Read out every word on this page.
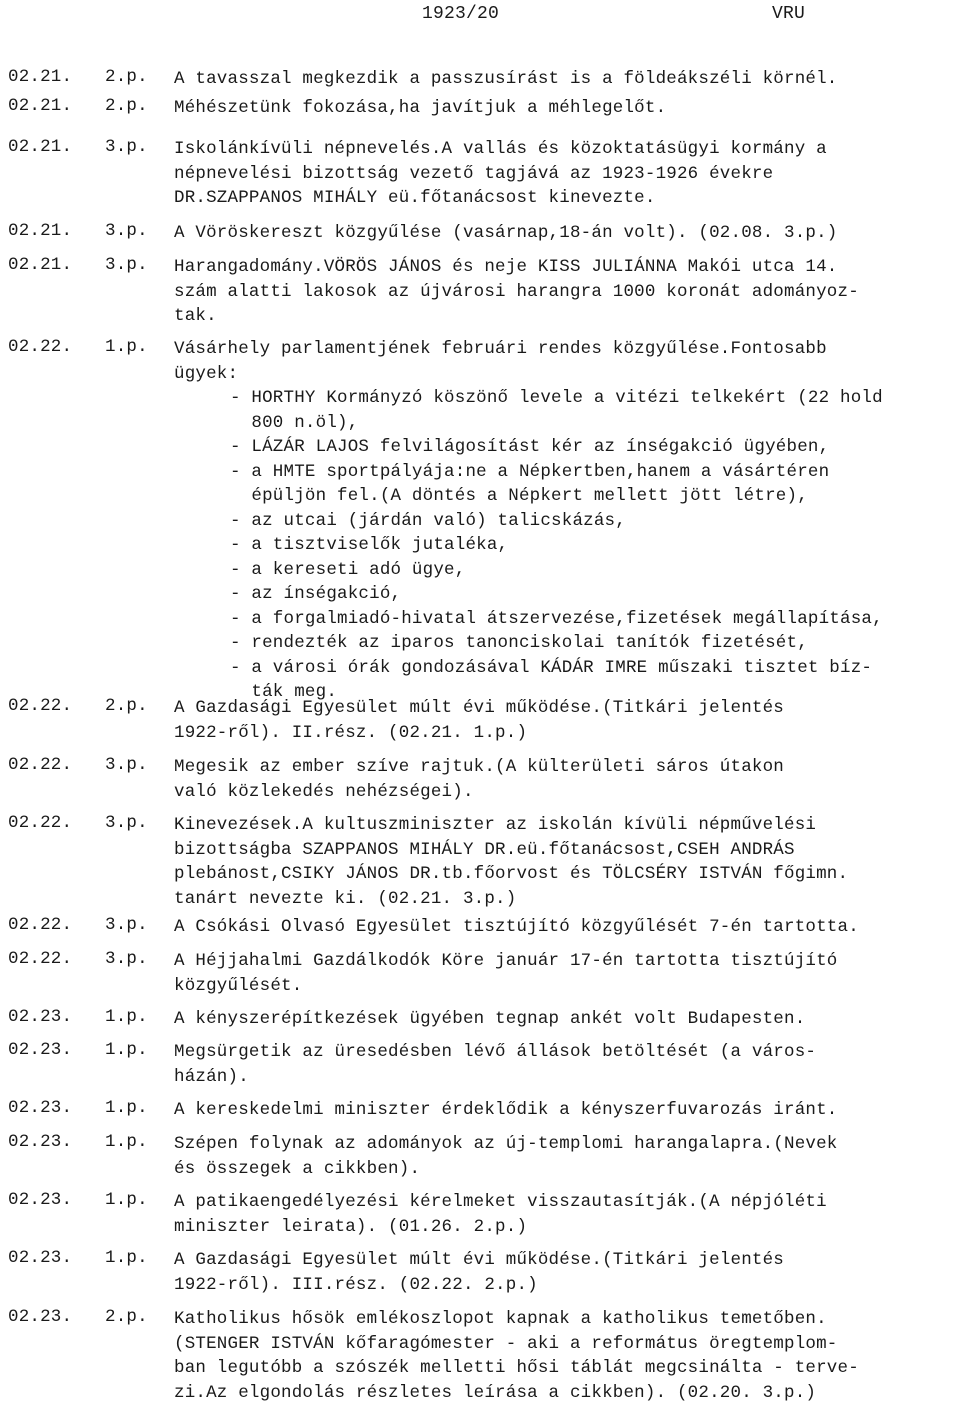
1923/20	VRU
02.21. 2.p. A tavasszal megkezdik a passzusírást is a földeákszéli körnél.
02.21. 2.p. Méhészetünk fokozása,ha javítjuk a méhlegelőt.
02.21. 3.p. Iskolánkívüli népnevelés.A vallás és közoktatásügyi kormány a
népnevelési bizottság vezető tagjává az 1923-1926 évekre
DR.SZAPPANOS MIHÁLY eü.főtanácsost kinevezte.
02.21. 3.p. A Vöröskereszt közgyűlése (vasárnap,18-án volt). (02.08. 3.p.)
02.21. 3.p. Harangadomány.VÖRÖS JÁNOS és neje KISS JULIÁNNA Makói utca 14.
szám alatti lakosok az újvárosi harangra 1000 koronát adományoz-
tak.
02.22. 1.p. Vásárhely parlamentjének februári rendes közgyűlése.Fontosabb
ügyek:
- HORTHY Kormányzó köszönő levele a vitézi telkekért (22 hold
800 n.öl),
- LÁZÁR LAJOS felvilágosítást kér az ínségakció ügyében,
- a HMTE sportpályája:ne a Népkertben,hanem a vásártéren
épüljön fel.(A döntés a Népkert mellett jött létre),
- az utcai (járdán való) talicskázás,
- a tisztviselők jutaléka,
- a kereseti adó ügye,
- az ínségakció,
- a forgalmiadó-hivatal átszervezése,fizetések megállapítása,
- rendezték az iparos tanonciskolai tanítók fizetését,
- a városi órák gondozásával KÁDÁR IMRE műszaki tisztet bíz-
ták meg.
02.22. 2.p. A Gazdasági Egyesület múlt évi működése.(Titkári jelentés
1922-ről). II.rész. (02.21. 1.p.)
02.22. 3.p. Megesik az ember szíve rajtuk.(A külterületi sáros útakon
való közlekedés nehézségei).
02.22. 3.p. Kinevezések.A kultuszminiszter az iskolán kívüli népművelési
bizottságba SZAPPANOS MIHÁLY DR.eü.főtanácsost,CSEH ANDRÁS
plebánost,CSIKY JÁNOS DR.tb.főorvost és TÖLCSÉRY ISTVÁN főgimn.
tanárt nevezte ki. (02.21. 3.p.)
02.22. 3.p. A Csókási Olvasó Egyesület tisztújító közgyűlését 7-én tartotta.
02.22. 3.p. A Héjjahalmi Gazdálkodók Köre január 17-én tartotta tisztújító
közgyűlését.
02.23. 1.p. A kényszerépítkezések ügyében tegnap ankét volt Budapesten.
02.23. 1.p. Megsürgetik az üresedésben lévő állások betöltését (a város-
házán).
02.23. 1.p. A kereskedelmi miniszter érdeklődik a kényszerfuvarozás iránt.
02.23. 1.p. Szépen folynak az adományok az új-templomi harangalapra.(Nevek
és összegek a cikkben).
02.23. 1.p. A patikaengedélyezési kérelmeket visszautasítják.(A népjóléti
miniszter leirata). (01.26. 2.p.)
02.23. 1.p. A Gazdasági Egyesület múlt évi működése.(Titkári jelentés
1922-ről). III.rész. (02.22. 2.p.)
02.23. 2.p. Katholikus hősök emlékoszlopot kapnak a katholikus temetőben.
(STENGER ISTVÁN kőfaragómester - aki a református öregtemplom-
ban legutóbb a szószék melletti hősi táblát megcsinálta - terve-
zi.Az elgondolás részletes leírása a cikkben). (02.20. 3.p.)
